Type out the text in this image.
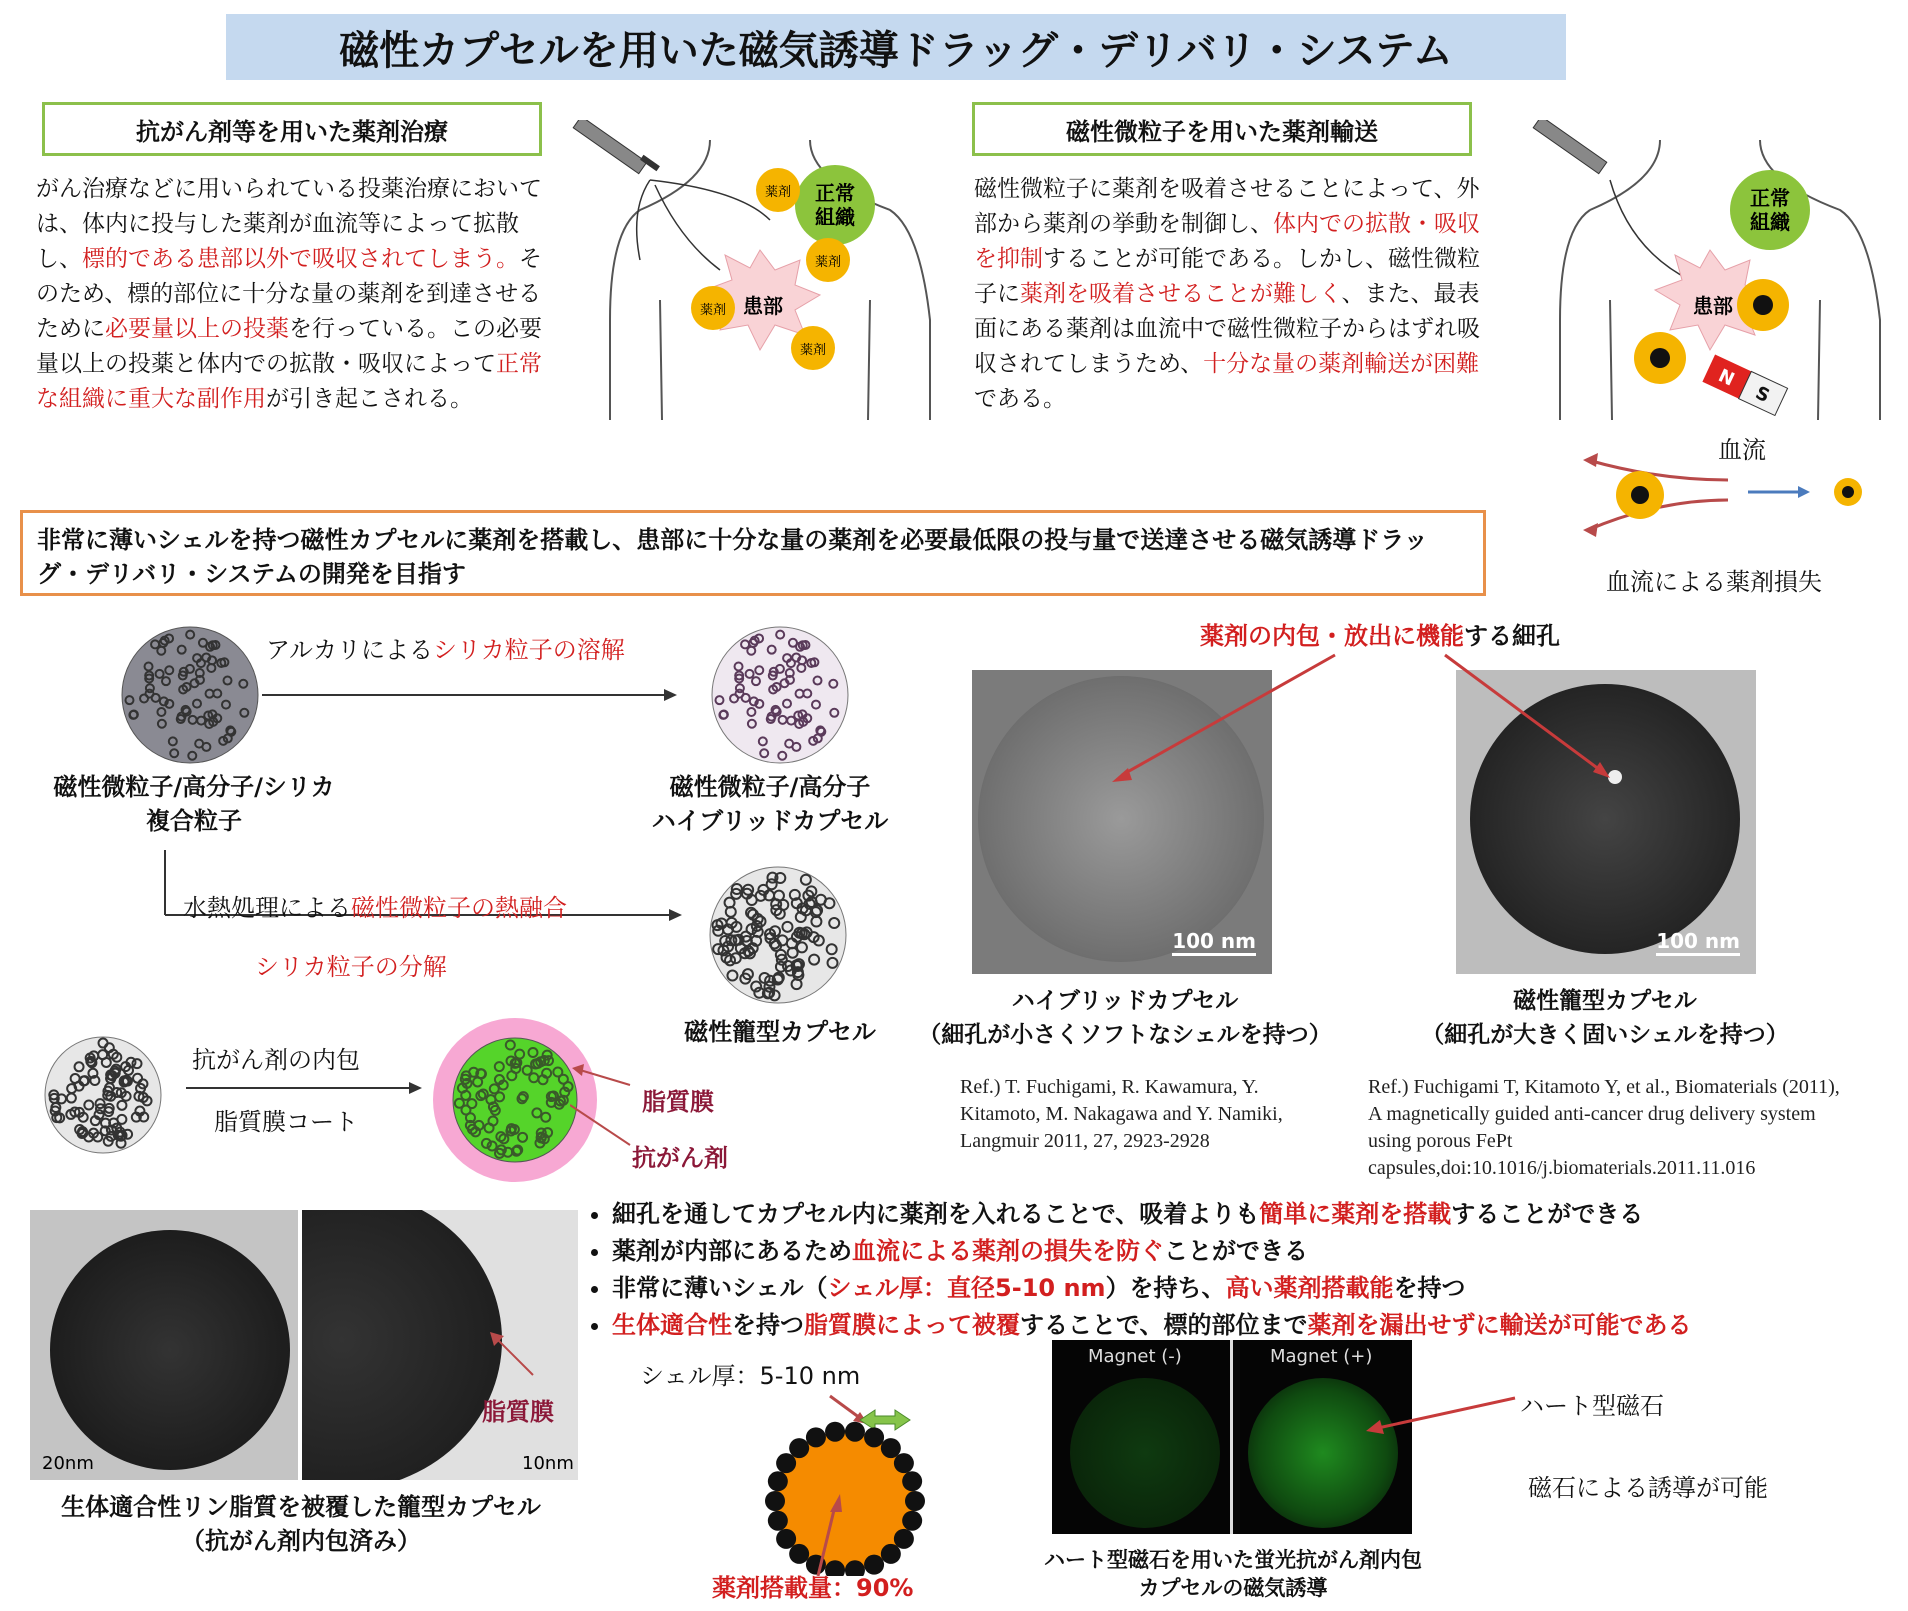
磁性カプセルを用いた磁気誘導ドラッグ・デリバリ・システム
抗がん剤等を用いた薬剤治療
がん治療などに用いられている投薬治療においては、体内に投与した薬剤が血流等によって拡散し、標的である患部以外で吸収されてしまう。そのため、標的部位に十分な量の薬剤を到達させるために必要量以上の投薬を行っている。この必要量以上の投薬と体内での拡散・吸収によって正常な組織に重大な副作用が引き起こされる。
正常組織
患部
薬剤
薬剤
薬剤
薬剤
磁性微粒子を用いた薬剤輸送
磁性微粒子に薬剤を吸着させることによって、外部から薬剤の挙動を制御し、体内での拡散・吸収を抑制することが可能である。しかし、磁性微粒子に薬剤を吸着させることが難しく、また、最表面にある薬剤は血流中で磁性微粒子からはずれ吸収されてしまうため、十分な量の薬剤輸送が困難である。
正常組織
患部
N
S
血流
血流による薬剤損失
非常に薄いシェルを持つ磁性カプセルに薬剤を搭載し、患部に十分な量の薬剤を必要最低限の投与量で送達させる磁気誘導ドラッグ・デリバリ・システムの開発を目指す
アルカリによるシリカ粒子の溶解
磁性微粒子/高分子/シリカ
複合粒子
磁性微粒子/高分子
ハイブリッドカプセル
水熱処理による磁性微粒子の熱融合
シリカ粒子の分解
磁性籠型カプセル
抗がん剤の内包
脂質膜コート
脂質膜
抗がん剤
薬剤の内包・放出に機能する細孔
100 nm	100 nm
ハイブリッドカプセル
（細孔が小さくソフトなシェルを持つ）
磁性籠型カプセル
（細孔が大きく固いシェルを持つ）
Ref.) T. Fuchigami, R. Kawamura, Y. Kitamoto, M. Nakagawa and Y. Namiki, Langmuir 2011, 27, 2923-2928
Ref.) Fuchigami T, Kitamoto Y, et al., Biomaterials (2011), A magnetically guided anti-cancer drug delivery system using porous FePt capsules,doi:10.1016/j.biomaterials.2011.11.016
20nm	10nm
脂質膜
生体適合性リン脂質を被覆した籠型カプセル
（抗がん剤内包済み）
• 細孔を通してカプセル内に薬剤を入れることで、吸着よりも簡単に薬剤を搭載することができる
• 薬剤が内部にあるため血流による薬剤の損失を防ぐことができる
• 非常に薄いシェル（シェル厚：直径5-10 nm）を持ち、高い薬剤搭載能を持つ
• 生体適合性を持つ脂質膜によって被覆することで、標的部位まで薬剤を漏出せずに輸送が可能である
シェル厚：5-10 nm
薬剤搭載量：90%
Magnet (-)	Magnet (+)
ハート型磁石
磁石による誘導が可能
ハート型磁石を用いた蛍光抗がん剤内包
カプセルの磁気誘導
